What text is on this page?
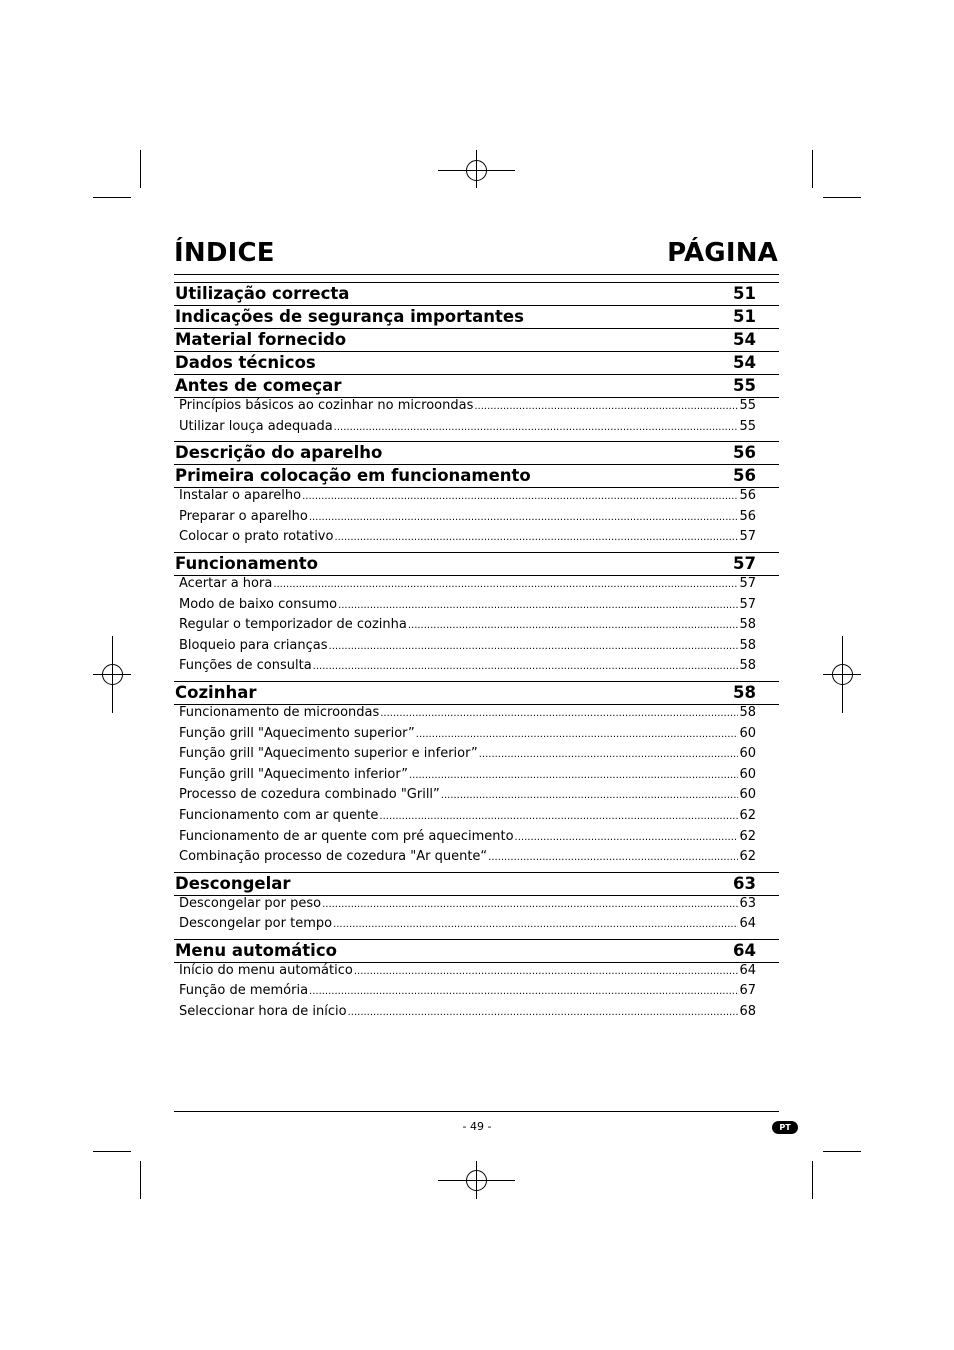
ÍNDICE	PÁGINA
Utilização correcta	51
Indicações de segurança importantes	51
Material fornecido	54
Dados técnicos	54
Antes de começar	55
Princípios básicos ao cozinhar no microondas .....	55
Utilizar louça adequada .....	55
Descrição do aparelho	56
Primeira colocação em funcionamento	56
Instalar o aparelho .....	56
Preparar o aparelho .....	56
Colocar o prato rotativo .....	57
Funcionamento	57
Acertar a hora .....	57
Modo de baixo consumo .....	57
Regular o temporizador de cozinha .....	58
Bloqueio para crianças .....	58
Funções de consulta .....	58
Cozinhar	58
Funcionamento de microondas .....	58
Função grill "Aquecimento superior” .....	60
Função grill "Aquecimento superior e inferior” .....	60
Função grill "Aquecimento inferior” .....	60
Processo de cozedura combinado "Grill” .....	60
Funcionamento com ar quente .....	62
Funcionamento de ar quente com pré aquecimento .....	62
Combinação processo de cozedura "Ar quente“ .....	62
Descongelar	63
Descongelar por peso .....	63
Descongelar por tempo .....	64
Menu automático	64
Início do menu automático .....	64
Função de memória .....	67
Seleccionar hora de início .....	68
- 49 -	PT
